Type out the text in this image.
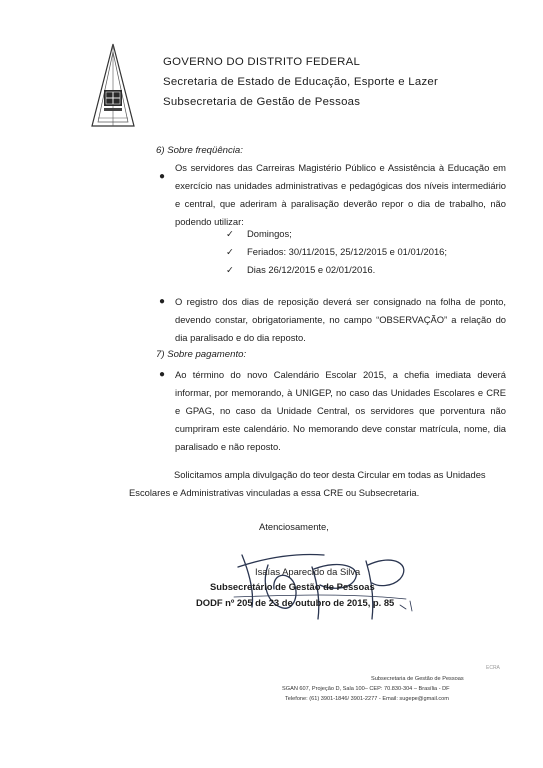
GOVERNO DO DISTRITO FEDERAL
Secretaria de Estado de Educação, Esporte e Lazer
Subsecretaria de Gestão de Pessoas
6) Sobre freqüência:
●
Os servidores das Carreiras Magistério Público e Assistência à Educação em exercício nas unidades administrativas e pedagógicas dos níveis intermediário e central, que aderiram à paralisação deverão repor o dia de trabalho, não podendo utilizar:
✓ Domingos;
✓ Feriados: 30/11/2015, 25/12/2015 e 01/01/2016;
✓ Dias 26/12/2015 e 02/01/2016.
● O registro dos dias de reposição deverá ser consignado na folha de ponto, devendo constar, obrigatoriamente, no campo “OBSERVAÇÃO” a relação do dia paralisado e do dia reposto.
7) Sobre pagamento:
● Ao término do novo Calendário Escolar 2015, a chefia imediata deverá informar, por memorando, à UNIGEP, no caso das Unidades Escolares e CRE e GPAG, no caso da Unidade Central, os servidores que porventura não cumpriram este calendário. No memorando deve constar matrícula, nome, dia paralisado e não reposto.
Solicitamos ampla divulgação do teor desta Circular em todas as Unidades
Escolares e Administrativas vinculadas a essa CRE ou Subsecretaria.
Atenciosamente,
Isaías Aparecido da Silva
Subsecretário de Gestão de Pessoas
DODF nº 205 de 23 de outubro de 2015, p. 85
ECRA
Subsecretaria de Gestão de Pessoas
SGAN 607, Projeção D, Sala 100– CEP: 70.830-304 – Brasília - DF
Telefone: (61) 3901-1846/ 3901-2277 - Email: sugepe@gmail.com
